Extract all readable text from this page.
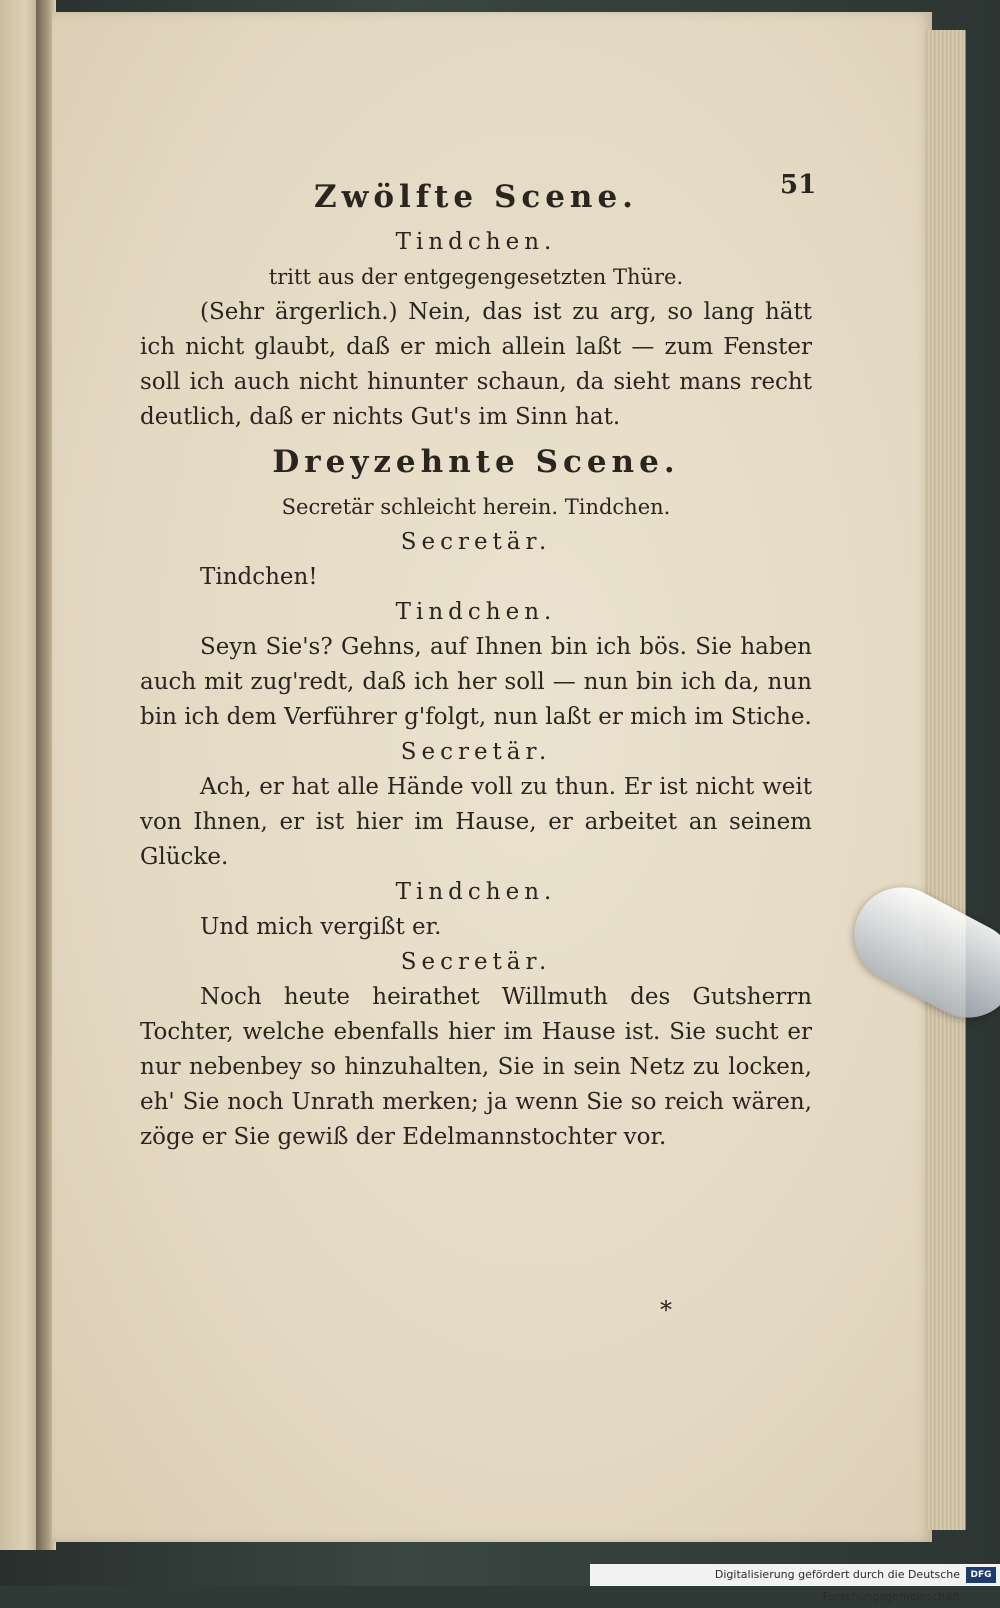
51
Zwölfte Scene.
Tindchen.
tritt aus der entgegengesetzten Thüre.
(Sehr ärgerlich.) Nein, das ist zu arg, so lang hätt ich nicht glaubt, daß er mich allein laßt — zum Fenster soll ich auch nicht hinunter schaun, da sieht mans recht deutlich, daß er nichts Gut's im Sinn hat.
Dreyzehnte Scene.
Secretär schleicht herein. Tindchen.
Secretär.
Tindchen!
Tindchen.
Seyn Sie's? Gehns, auf Ihnen bin ich bös. Sie haben auch mit zug'redt, daß ich her soll — nun bin ich da, nun bin ich dem Verführer g'folgt, nun laßt er mich im Stiche.
Secretär.
Ach, er hat alle Hände voll zu thun. Er ist nicht weit von Ihnen, er ist hier im Hause, er arbeitet an seinem Glücke.
Tindchen.
Und mich vergißt er.
Secretär.
Noch heute heirathet Willmuth des Gutsherrn Tochter, welche ebenfalls hier im Hause ist. Sie sucht er nur nebenbey so hinzuhalten, Sie in sein Netz zu locken, eh' Sie noch Unrath merken; ja wenn Sie so reich wären, zöge er Sie gewiß der Edelmannstochter vor.
*
Digitalisierung gefördert durch die Deutsche Forschungsgemeinschaft
DFG
